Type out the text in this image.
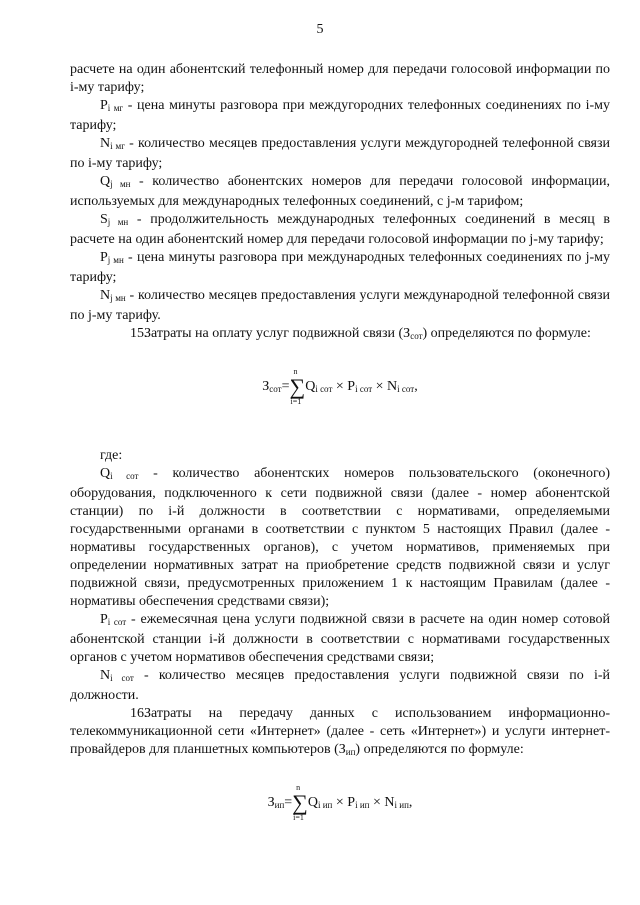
5

расчете на один абонентский телефонный номер для передачи голосовой информации по i-му тарифу;

$P_{i мг}$ - цена минуты разговора при междугородних телефонных соединениях по i-му тарифу;

$N_{i мг}$ - количество месяцев предоставления услуги междугородней телефонной связи по i-му тарифу;

$Q_{j мн}$ - количество абонентских номеров для передачи голосовой информации, используемых для международных телефонных соединений, с j-м тарифом;

$S_{j мн}$ - продолжительность международных телефонных соединений в месяц в расчете на один абонентский номер для передачи голосовой информации по j-му тарифу;

$P_{j мн}$ - цена минуты разговора при международных телефонных соединениях по j-му тарифу;

$N_{j мн}$ - количество месяцев предоставления услуги международной телефонной связи по j-му тарифу.

15.Затраты на оплату услуг подвижной связи $(З_{сот})$ определяются по формуле:

$З_{сот}=\sum$
n
i=1
$Q_{i сот} \times P_{i сот} \times N_{i сот}$,

где:

$Q_{i сот}$ - количество абонентских номеров пользовательского (оконечного) оборудования, подключенного к сети подвижной связи (далее - номер абонентской станции) по i-й должности в соответствии с нормативами, определяемыми государственными органами в соответствии с пунктом 5 настоящих Правил (далее - нормативы государственных органов), с учетом нормативов, применяемых при определении нормативных затрат на приобретение средств подвижной связи и услуг подвижной связи, предусмотренных приложением 1 к настоящим Правилам (далее - нормативы обеспечения средствами связи);

$P_{i сот}$ - ежемесячная цена услуги подвижной связи в расчете на один номер сотовой абонентской станции i-й должности в соответствии с нормативами государственных органов с учетом нормативов обеспечения средствами связи;

$N_{i сот}$ - количество месяцев предоставления услуги подвижной связи по i-й должности.

16.Затраты на передачу данных с использованием информационно-телекоммуникационной сети «Интернет» (далее - сеть «Интернет») и услуги интернет-провайдеров для планшетных компьютеров $(З_{ип})$ определяются по формуле:

$З_{ип}=\sum$
n
i=1
$Q_{i ип} \times P_{i ип} \times N_{i ип}$,
